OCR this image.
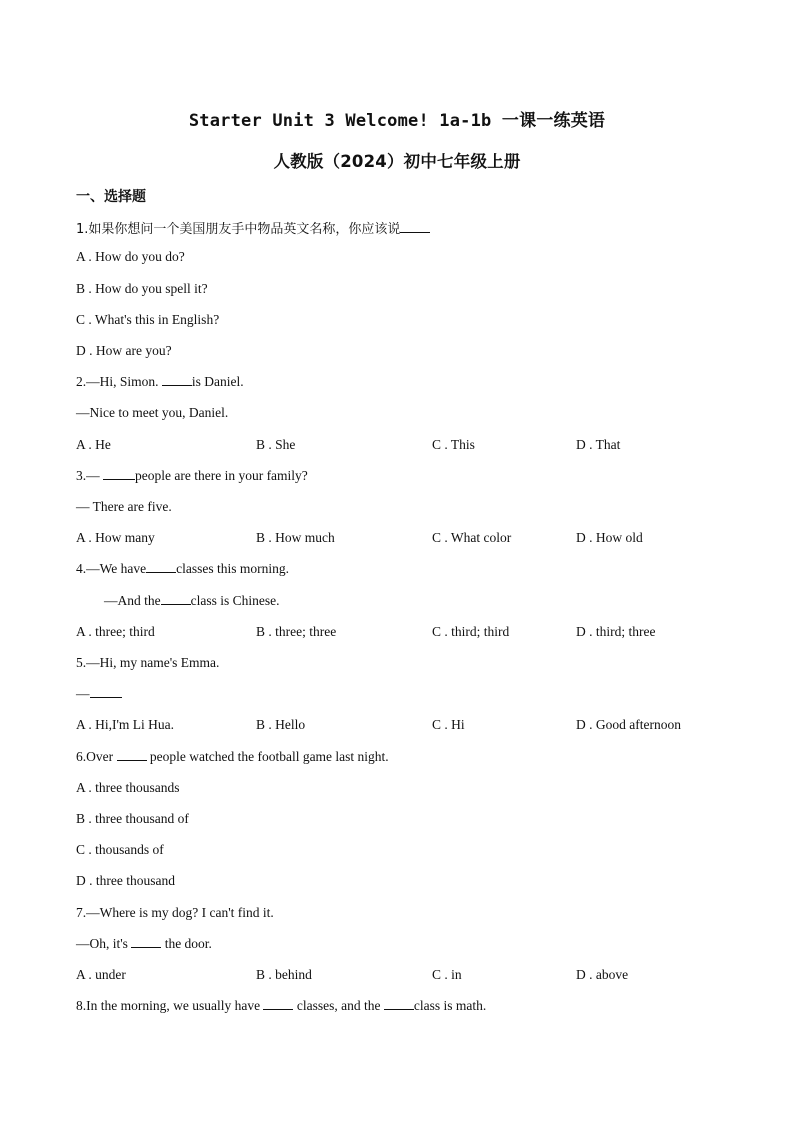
Starter Unit 3 Welcome! 1a-1b 一课一练英语
人教版（2024）初中七年级上册
一、选择题
1.如果你想问一个美国朋友手中物品英文名称，你应该说
A . How do you do?
B . How do you spell it?
C . What's this in English?
D . How are you?
2.—Hi, Simon. is Daniel.
—Nice to meet you, Daniel.
A . He	B . She	C . This	D . That
3.— people are there in your family?
— There are five.
A . How many	B . How much	C . What color	D . How old
4.—We have classes this morning.
—And the class is Chinese.
A . three; third	B . three; three	C . third; third	D . third; three
5.—Hi, my name's Emma.
—
A . Hi,I'm Li Hua.	B . Hello	C . Hi	D . Good afternoon
6.Over  people watched the football game last night.
A . three thousands
B . three thousand of
C . thousands of
D . three thousand
7.—Where is my dog? I can't find it.
—Oh, it's  the door.
A . under	B . behind	C . in	D . above
8.In the morning, we usually have  classes, and the class is math.
